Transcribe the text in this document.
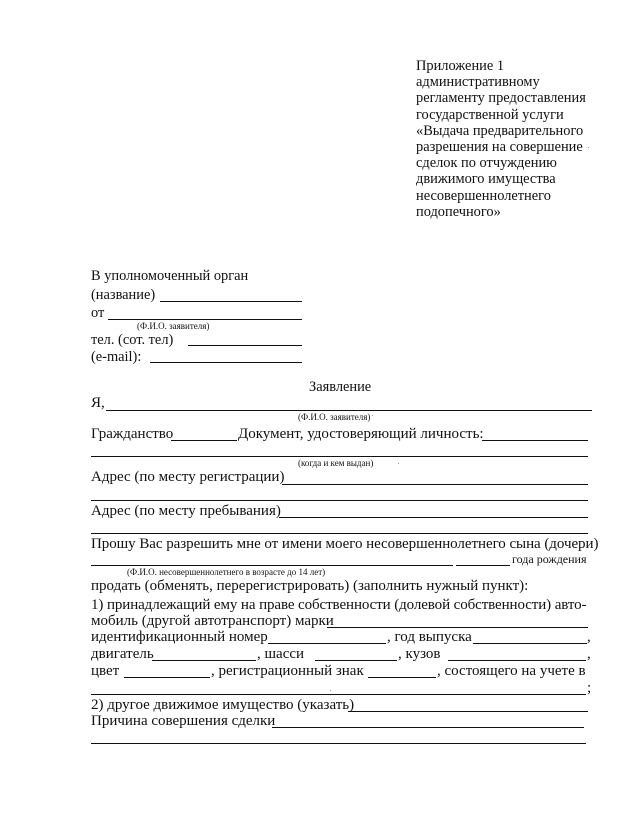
Приложение 1
административному
регламенту предоставления
государственной услуги
«Выдача предварительного
разрешения на совершение
сделок по отчуждению
движимого имущества
несовершеннолетнего
подопечного»
В уполномоченный орган
(название)
от
(Ф.И.О. заявителя)
тел. (сот. тел)
(e-mail):
Заявление
Я,
(Ф.И.О. заявителя)
Гражданство	Документ, удостоверяющий личность:
(когда и кем выдан)
Адрес (по месту регистрации)
Адрес (по месту пребывания)
Прошу Вас разрешить мне от имени моего несовершеннолетнего сына (дочери)
года рождения
(Ф.И.О. несовершеннолетнего в возрасте до 14 лет)
продать (обменять, перерегистрировать) (заполнить нужный пункт):
1) принадлежащий ему на праве собственности (долевой собственности) авто-
мобиль (другой автотранспорт) марки
идентификационный номер	, год выпуска	,
двигатель	, шасси	, кузов	,
цвет	, регистрационный знак	, состоящего на учете в
;
2) другое движимое имущество (указать)
Причина совершения сделки
